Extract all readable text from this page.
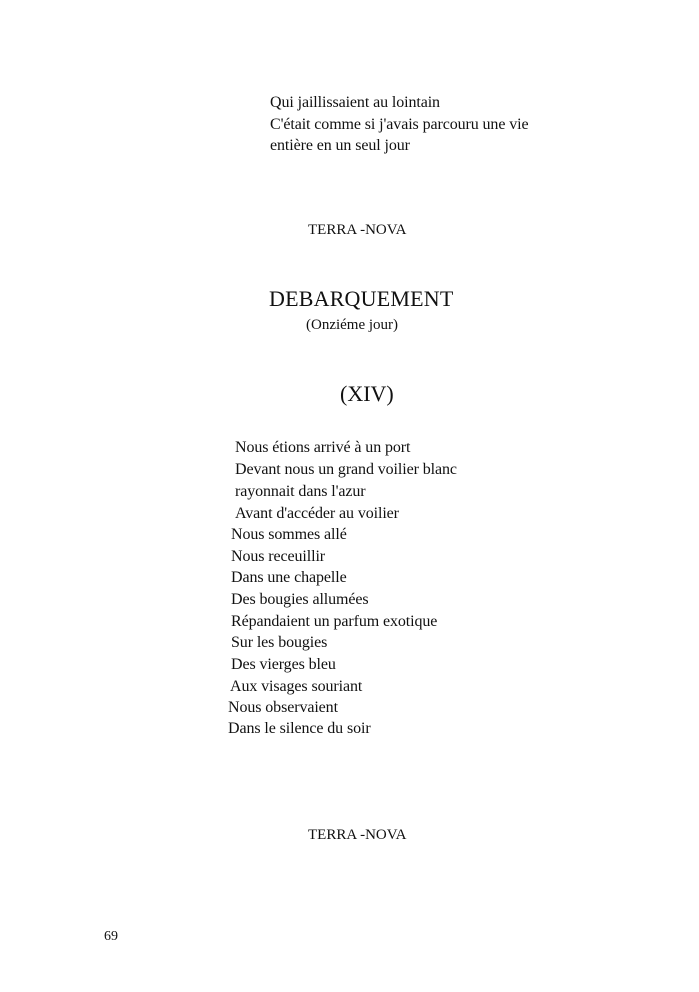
Qui jaillissaient au lointain
C'était comme si j'avais parcouru une vie
entière en un seul jour
TERRA -NOVA
DEBARQUEMENT
(Onziéme jour)
(XIV)
Nous étions arrivé à un port
Devant nous un grand voilier blanc
rayonnait dans l'azur
Avant d'accéder au voilier
Nous sommes allé
Nous receuillir
Dans une chapelle
Des bougies allumées
Répandaient un parfum exotique
Sur les bougies
Des vierges bleu
Aux visages souriant
Nous observaient
Dans le silence du soir
TERRA -NOVA
69
